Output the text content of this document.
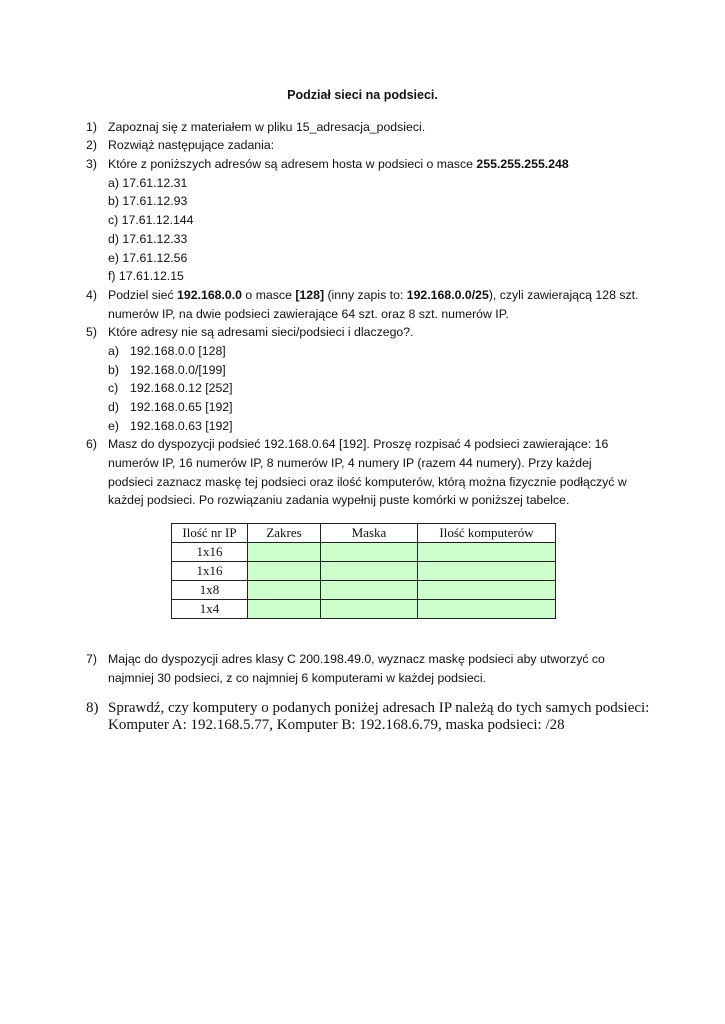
Podział sieci na podsieci.
1) Zapoznaj się z materiałem w pliku 15_adresacja_podsieci.
2) Rozwiąż następujące zadania:
3) Które z poniższych adresów są adresem hosta w podsieci o masce 255.255.255.248
a) 17.61.12.31
b) 17.61.12.93
c) 17.61.12.144
d) 17.61.12.33
e) 17.61.12.56
f) 17.61.12.15
4) Podziel sieć 192.168.0.0 o masce [128] (inny zapis to: 192.168.0.0/25), czyli zawierającą 128 szt.
numerów IP, na dwie podsieci zawierające 64 szt. oraz 8 szt. numerów IP.
5) Które adresy nie są adresami sieci/podsieci i dlaczego?.
a) 192.168.0.0 [128]
b) 192.168.0.0/[199]
c) 192.168.0.12 [252]
d) 192.168.0.65 [192]
e) 192.168.0.63 [192]
6) Masz do dyspozycji podsieć 192.168.0.64 [192]. Proszę rozpisać 4 podsieci zawierające: 16
numerów IP, 16 numerów IP, 8 numerów IP, 4 numery IP (razem 44 numery). Przy każdej
podsieci zaznacz maskę tej podsieci oraz ilość komputerów, którą można fizycznie podłączyć w
każdej podsieci. Po rozwiązaniu zadania wypełnij puste komórki w poniższej tabelce.
Ilość nr IP	Zakres	Maska	Ilość komputerów
1x16			
1x16			
1x8			
1x4			
7) Mając do dyspozycji adres klasy C 200.198.49.0, wyznacz maskę podsieci aby utworzyć co
najmniej 30 podsieci, z co najmniej 6 komputerami w każdej podsieci.
8) Sprawdź, czy komputery o podanych poniżej adresach IP należą do tych samych podsieci:
Komputer A: 192.168.5.77, Komputer B: 192.168.6.79, maska podsieci: /28
